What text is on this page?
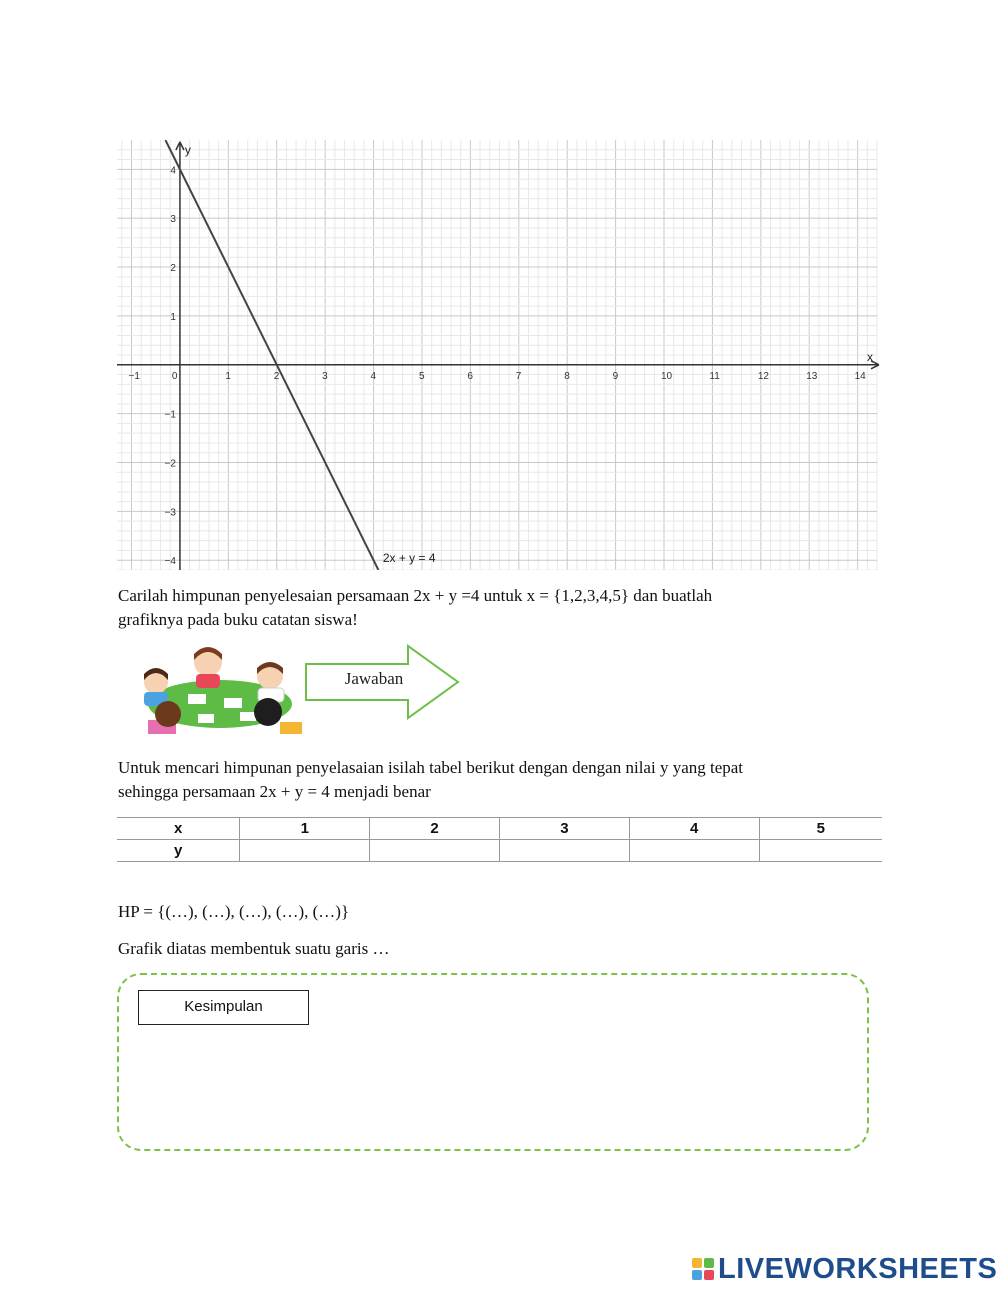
x
y
−1	0	1	2	3	4	5	6	7	8	9	10	11	12	13	14
−4
−3
−2
−1
1
2
3
4
2x + y = 4

Carilah himpunan penyelesaian persamaan 2x + y =4 untuk x = {1,2,3,4,5} dan buatlah
grafiknya pada buku catatan siswa!

Jawaban

Untuk mencari himpunan penyelasaian isilah tabel berikut dengan dengan nilai y yang tepat
sehingga persamaan 2x + y = 4 menjadi benar

x	1	2	3	4	5
y					
HP = {(…), (…), (…), (…), (…)}
Grafik diatas membentuk suatu garis …
Kesimpulan
LIVEWORKSHEETS
